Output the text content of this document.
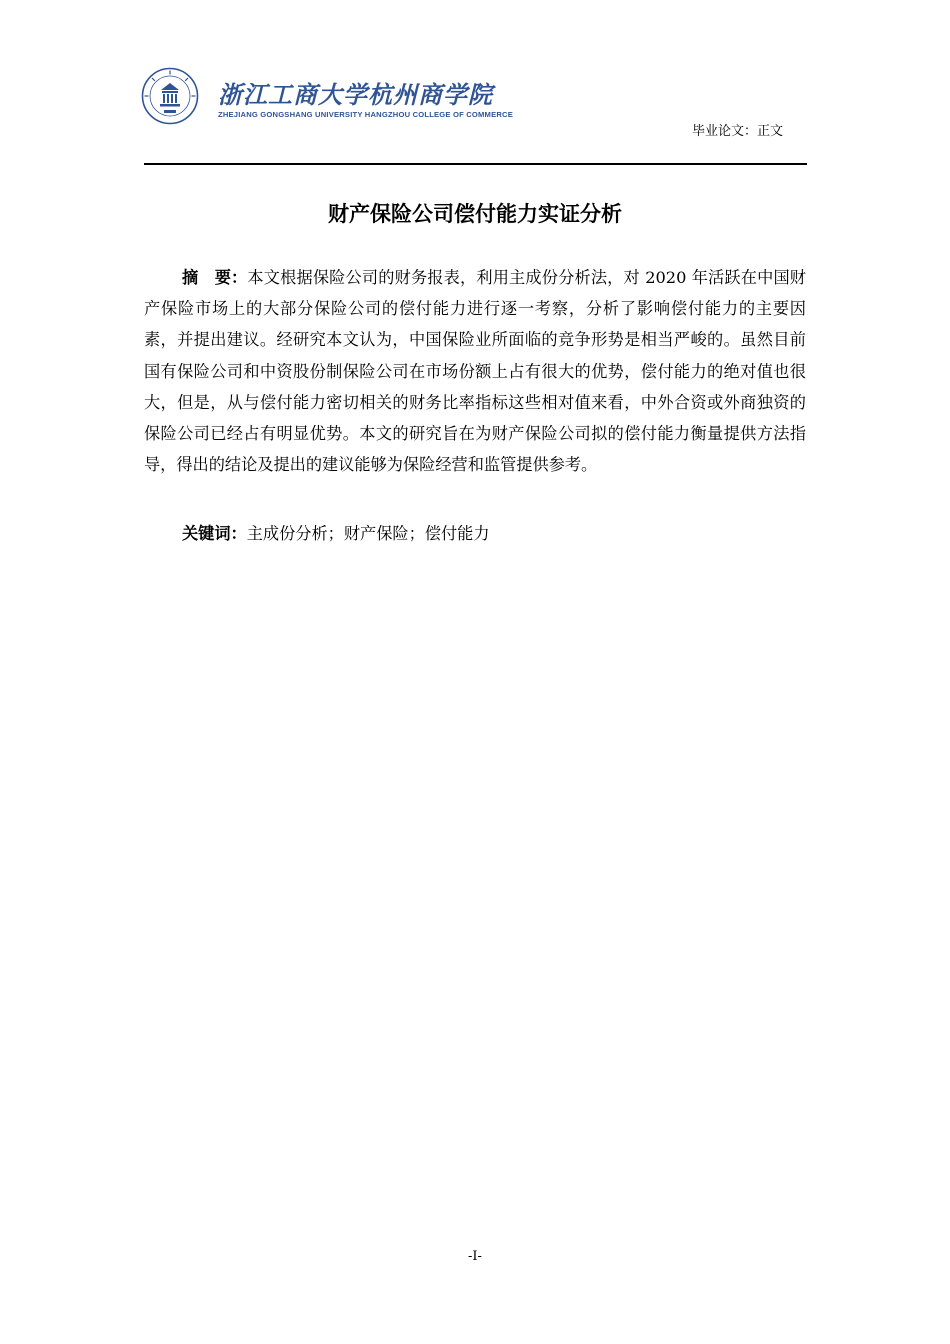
浙江工商大学杭州商学院
ZHEJIANG GONGSHANG UNIVERSITY HANGZHOU COLLEGE OF COMMERCE
毕业论文：正文
财产保险公司偿付能力实证分析

摘　要：本文根据保险公司的财务报表，利用主成份分析法，对 2020 年活跃在中国财产保险市场上的大部分保险公司的偿付能力进行逐一考察，分析了影响偿付能力的主要因素，并提出建议。经研究本文认为，中国保险业所面临的竞争形势是相当严峻的。虽然目前国有保险公司和中资股份制保险公司在市场份额上占有很大的优势，偿付能力的绝对值也很大，但是，从与偿付能力密切相关的财务比率指标这些相对值来看，中外合资或外商独资的保险公司已经占有明显优势。本文的研究旨在为财产保险公司拟的偿付能力衡量提供方法指导，得出的结论及提出的建议能够为保险经营和监管提供参考。

关键词：主成份分析；财产保险；偿付能力

-I-
